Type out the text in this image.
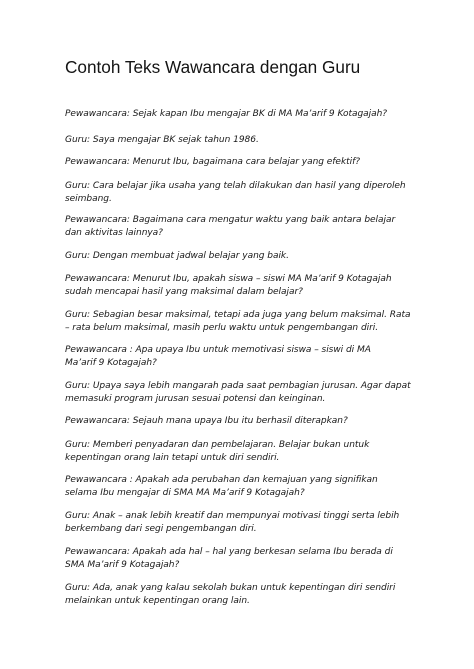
Contoh Teks Wawancara dengan Guru

Pewawancara: Sejak kapan Ibu mengajar BK di MA Ma’arif 9 Kotagajah?

Guru: Saya mengajar BK sejak tahun 1986.

Pewawancara: Menurut Ibu, bagaimana cara belajar yang efektif?

Guru: Cara belajar jika usaha yang telah dilakukan dan hasil yang diperoleh

seimbang.

Pewawancara: Bagaimana cara mengatur waktu yang baik antara belajar

dan aktivitas lainnya?

Guru: Dengan membuat jadwal belajar yang baik.

Pewawancara: Menurut Ibu, apakah siswa – siswi MA Ma’arif 9 Kotagajah

sudah mencapai hasil yang maksimal dalam belajar?

Guru: Sebagian besar maksimal, tetapi ada juga yang belum maksimal. Rata

– rata belum maksimal, masih perlu waktu untuk pengembangan diri.

Pewawancara : Apa upaya Ibu untuk memotivasi siswa – siswi di MA

Ma’arif 9 Kotagajah?

Guru: Upaya saya lebih mangarah pada saat pembagian jurusan. Agar dapat

memasuki program jurusan sesuai potensi dan keinginan.

Pewawancara: Sejauh mana upaya Ibu itu berhasil diterapkan?

Guru: Memberi penyadaran dan pembelajaran. Belajar bukan untuk

kepentingan orang lain tetapi untuk diri sendiri.

Pewawancara : Apakah ada perubahan dan kemajuan yang signifikan

selama Ibu mengajar di SMA MA Ma’arif 9 Kotagajah?

Guru: Anak – anak lebih kreatif dan mempunyai motivasi tinggi serta lebih

berkembang dari segi pengembangan diri.

Pewawancara: Apakah ada hal – hal yang berkesan selama Ibu berada di

SMA Ma’arif 9 Kotagajah?

Guru: Ada, anak yang kalau sekolah bukan untuk kepentingan diri sendiri

melainkan untuk kepentingan orang lain.
